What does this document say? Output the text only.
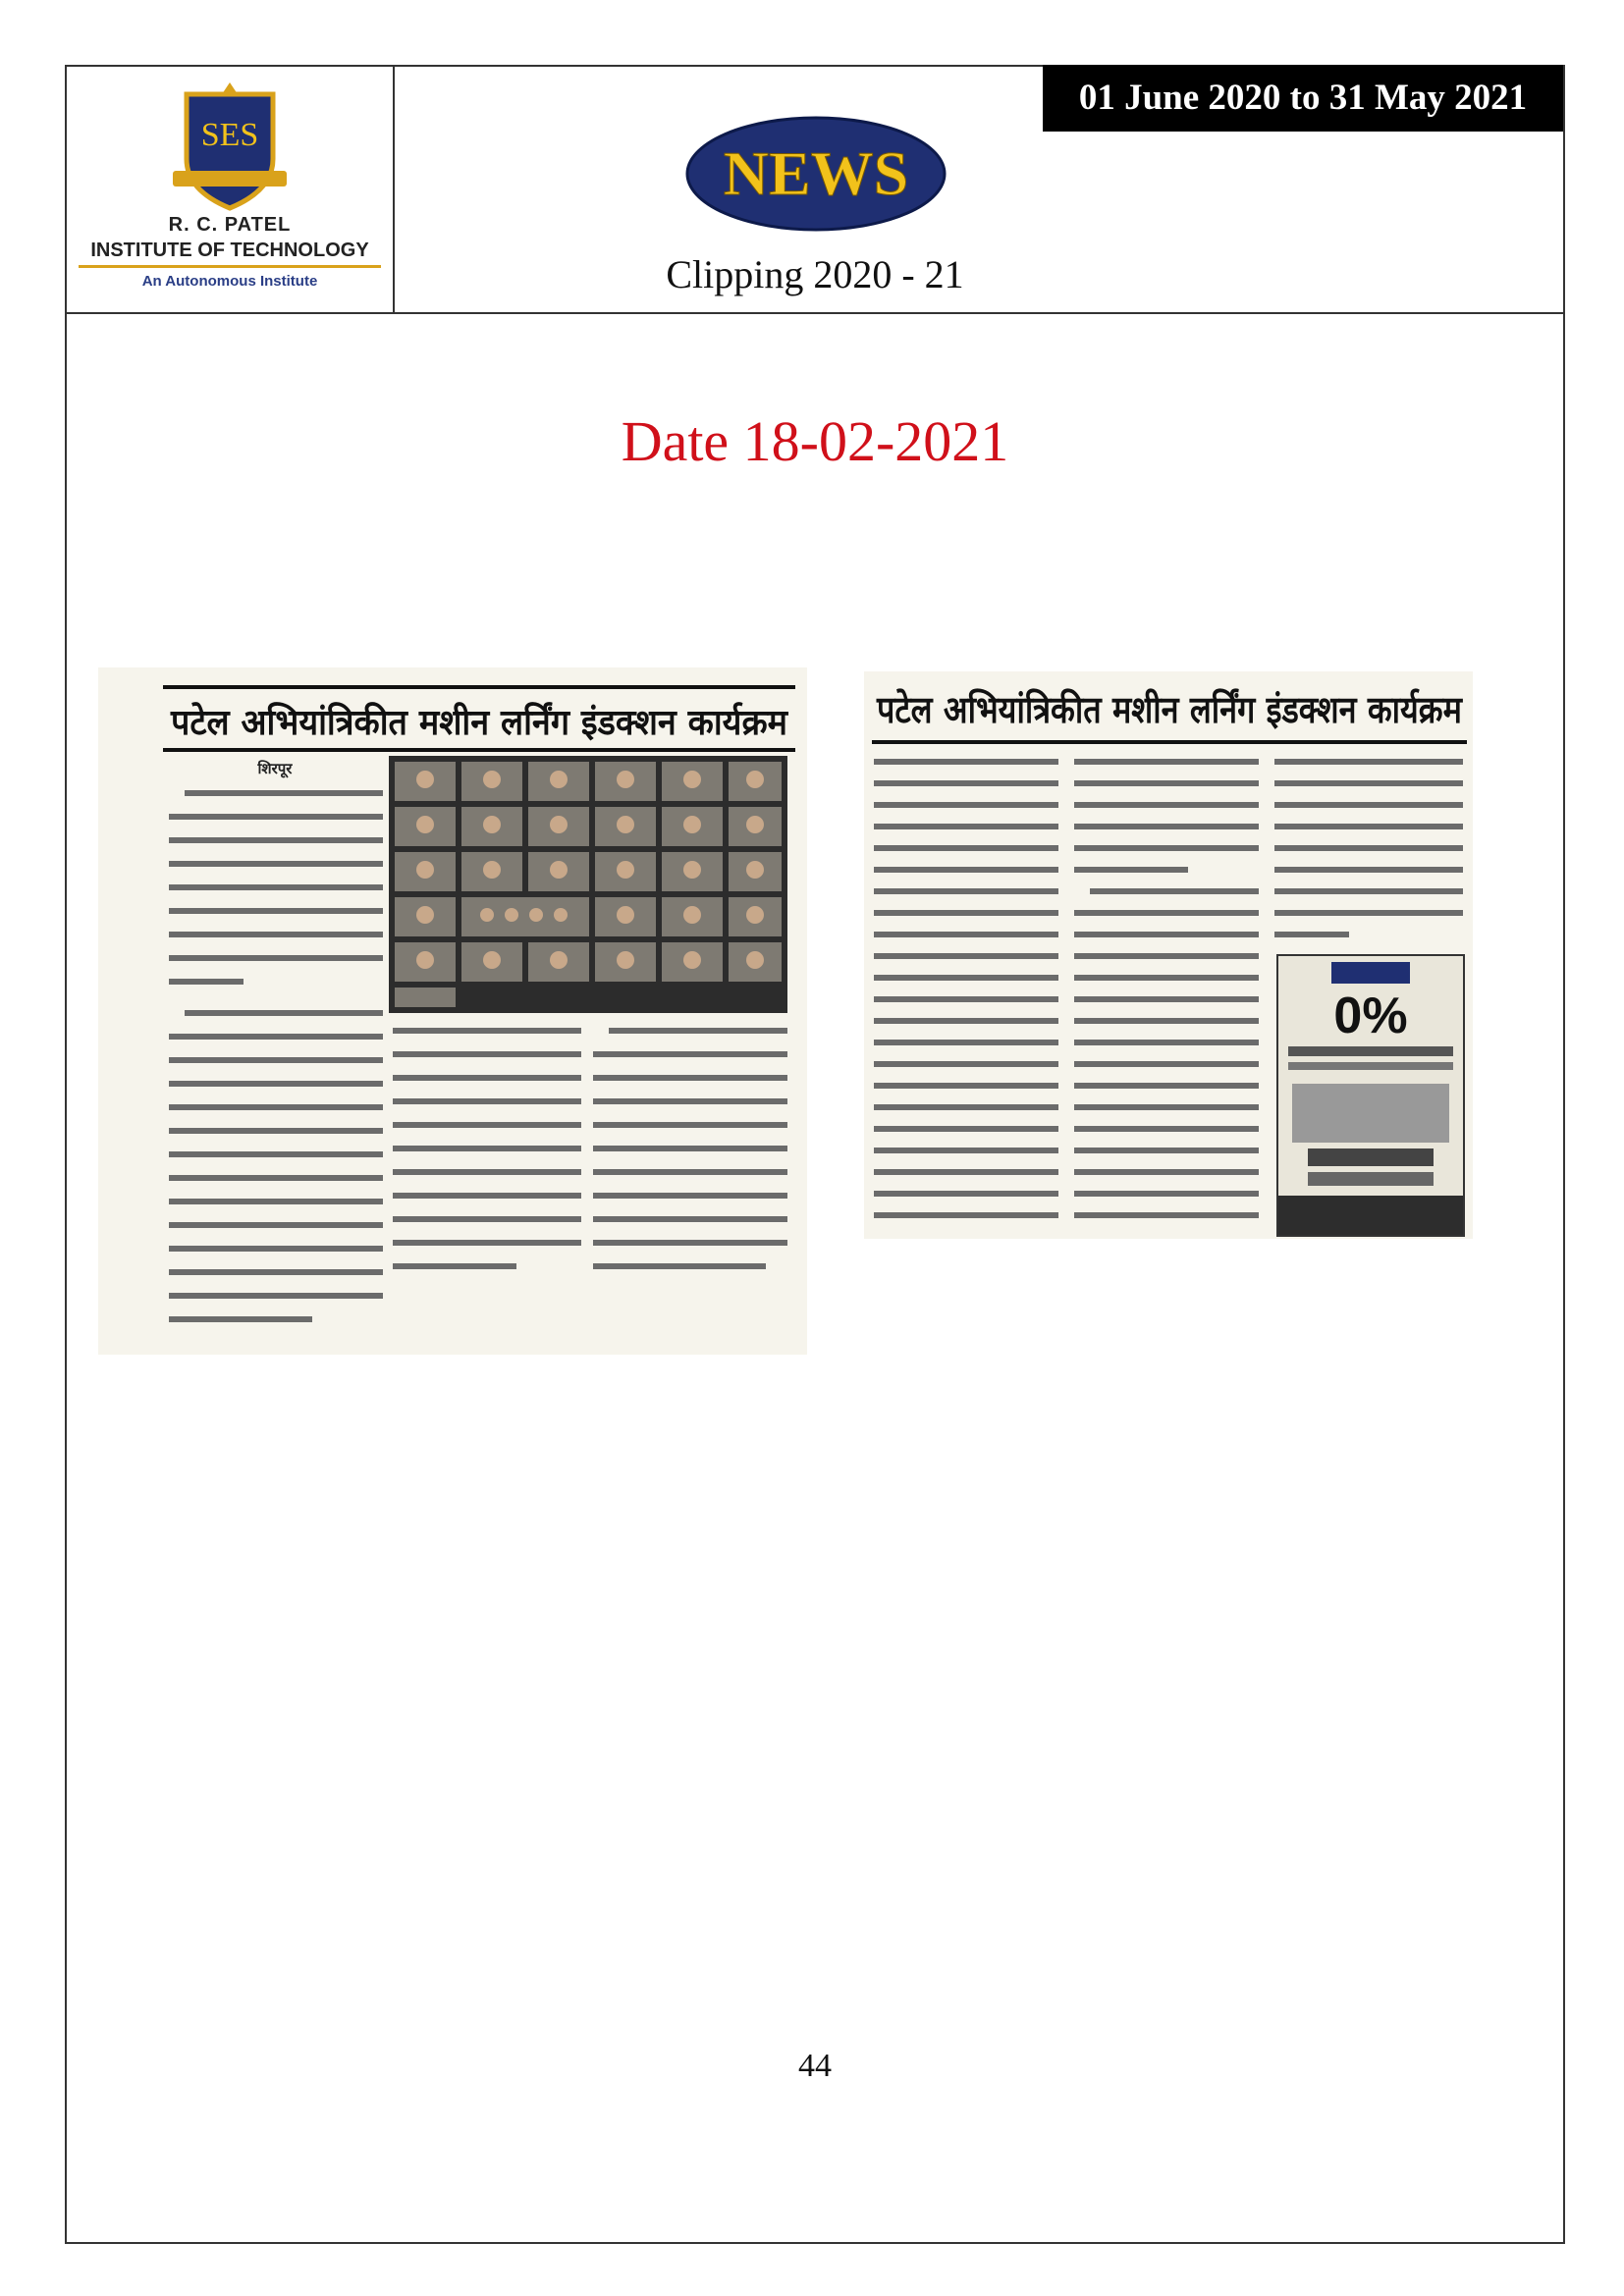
SES
R. C. PATEL
INSTITUTE OF TECHNOLOGY
An Autonomous Institute
NEWS
Clipping 2020 - 21
01 June 2020 to 31 May 2021
Date 18-02-2021
पटेल अभियांत्रिकीत मशीन लर्निंग इंडक्शन कार्यक्रम
शिरपूर
पटेल अभियांत्रिकीत मशीन लर्निंग इंडक्शन कार्यक्रम
0%
44
